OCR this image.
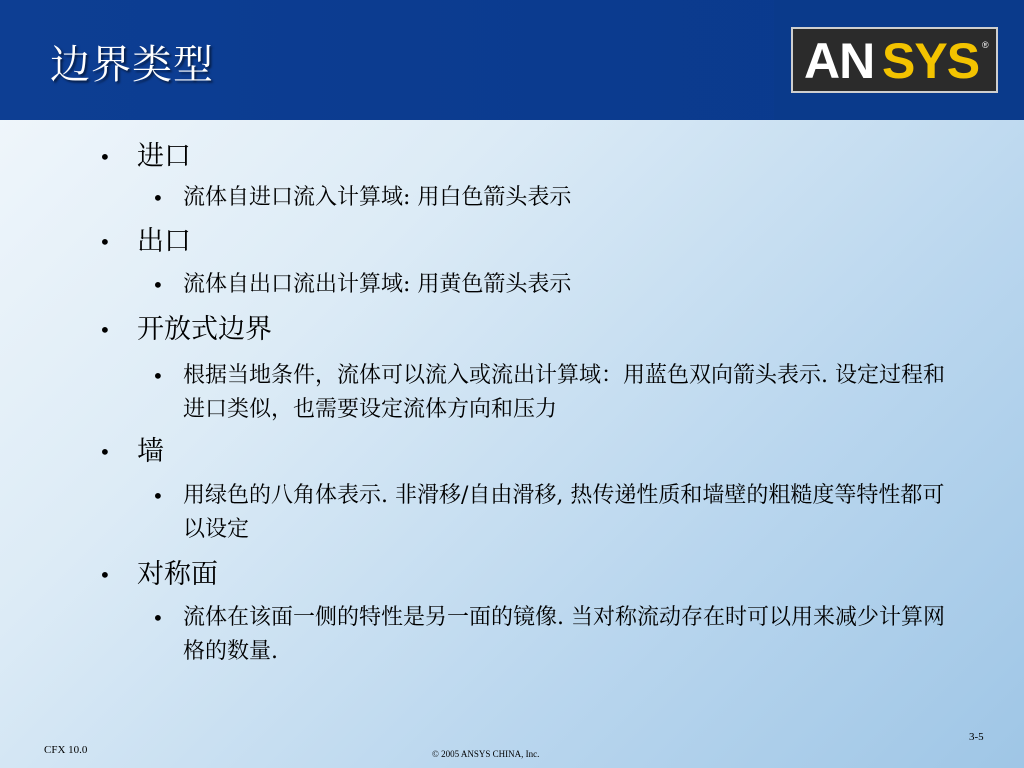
边界类型	AN SYS ®
• 进口
• 流体自进口流入计算域: 用白色箭头表示
• 出口
• 流体自出口流出计算域: 用黄色箭头表示
• 开放式边界
• 根据当地条件，流体可以流入或流出计算域：用蓝色双向箭头表示. 设定过程和进口类似，也需要设定流体方向和压力
• 墙
• 用绿色的八角体表示. 非滑移/自由滑移, 热传递性质和墙壁的粗糙度等特性都可以设定
• 对称面
• 流体在该面一侧的特性是另一面的镜像. 当对称流动存在时可以用来减少计算网格的数量.
CFX 10.0	© 2005 ANSYS CHINA, Inc.
3-5
